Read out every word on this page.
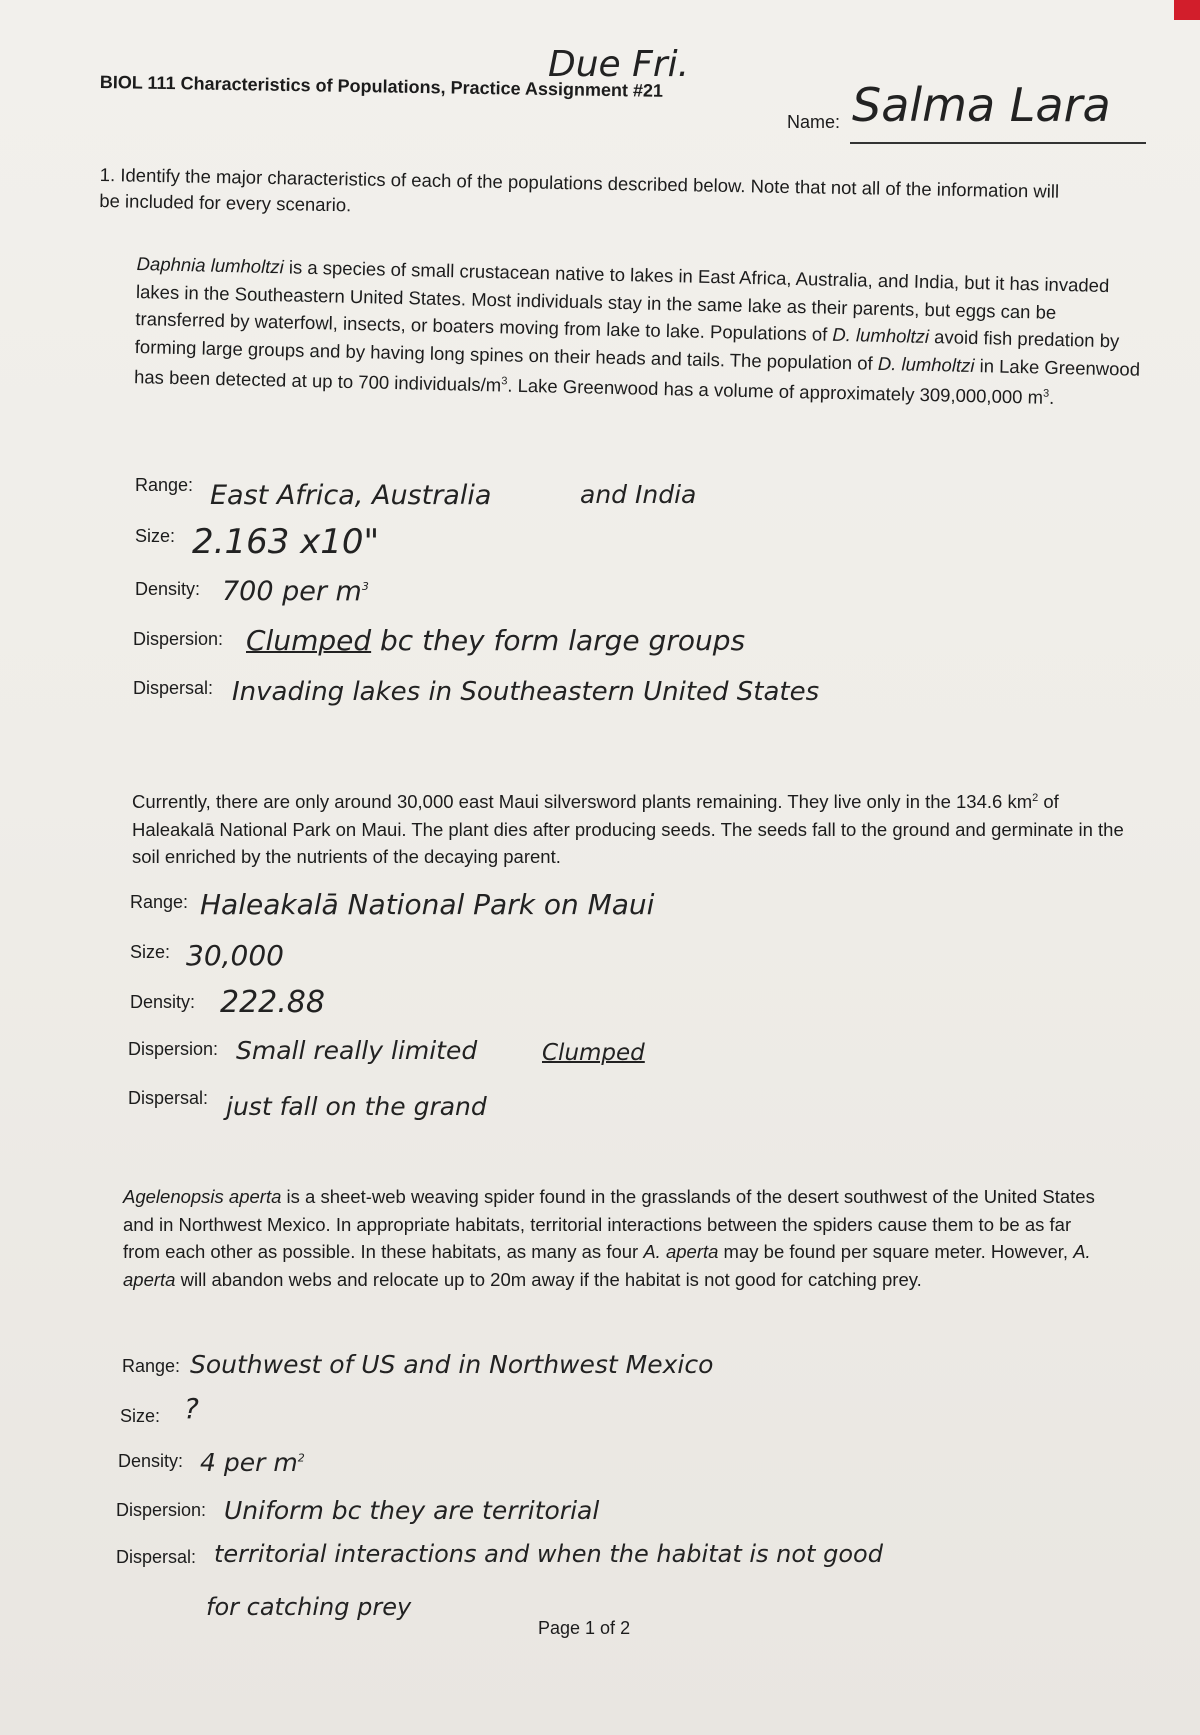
Due Fri.
BIOL 111 Characteristics of Populations, Practice Assignment #21
Name: Salma Lara
1. Identify the major characteristics of each of the populations described below. Note that not all of the information will be included for every scenario.
Daphnia lumholtzi is a species of small crustacean native to lakes in East Africa, Australia, and India, but it has invaded lakes in the Southeastern United States. Most individuals stay in the same lake as their parents, but eggs can be transferred by waterfowl, insects, or boaters moving from lake to lake. Populations of D. lumholtzi avoid fish predation by forming large groups and by having long spines on their heads and tails. The population of D. lumholtzi in Lake Greenwood has been detected at up to 700 individuals/$m^3$. Lake Greenwood has a volume of approximately 309,000,000 $m^3$.
Range: East Africa, Australia	and India
Size: 2.163 x10"
Density: 700 per $m^3$
Dispersion: Clumped bc they form large groups
Dispersal: Invading lakes in Southeastern United States
Currently, there are only around 30,000 east Maui silversword plants remaining. They live only in the 134.6 $km^2$ of Haleakalā National Park on Maui. The plant dies after producing seeds. The seeds fall to the ground and germinate in the soil enriched by the nutrients of the decaying parent.
Range: Haleakalā National Park on Maui
Size: 30,000
Density: 222.88
Dispersion: Small really limited	Clumped
Dispersal: just fall on the grand
Agelenopsis aperta is a sheet-web weaving spider found in the grasslands of the desert southwest of the United States and in Northwest Mexico. In appropriate habitats, territorial interactions between the spiders cause them to be as far from each other as possible. In these habitats, as many as four A. aperta may be found per square meter. However, A. aperta will abandon webs and relocate up to 20m away if the habitat is not good for catching prey.
Range: Southwest of US and in Northwest Mexico
Size: ?
Density: 4 per $m^2$
Dispersion: Uniform bc they are territorial
Dispersal: territorial interactions and when the habitat is not good
for catching prey
Page 1 of 2
